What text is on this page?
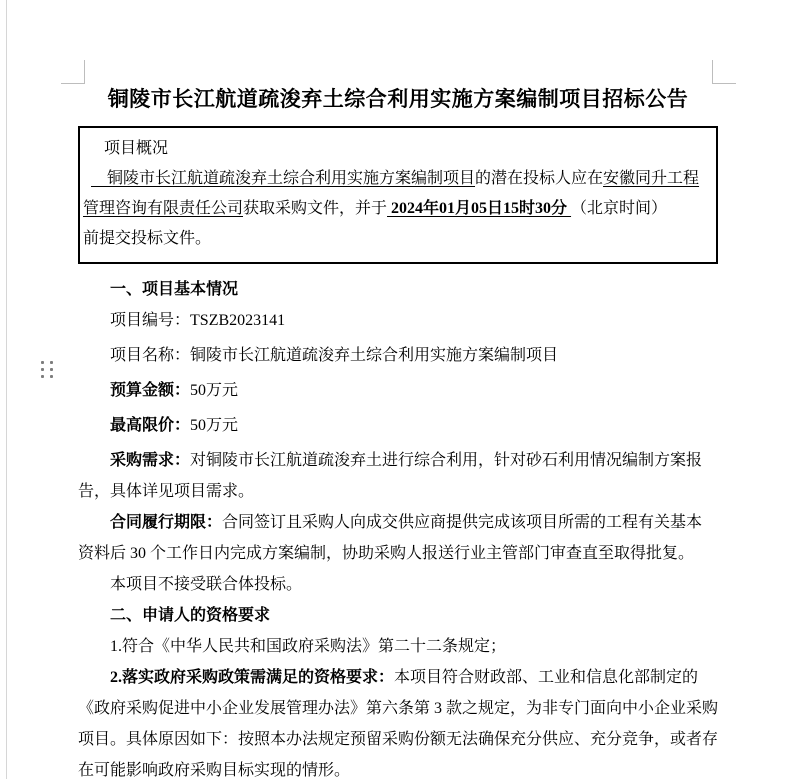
铜陵市长江航道疏浚弃土综合利用实施方案编制项目招标公告

项目概况

　铜陵市长江航道疏浚弃土综合利用实施方案编制项目的潜在投标人应在安徽同升工程管理咨询有限责任公司获取采购文件，并于 2024年01月05日15时30分 （北京时间）

前提交投标文件。

一、项目基本情况

项目编号：TSZB2023141

项目名称：铜陵市长江航道疏浚弃土综合利用实施方案编制项目

预算金额：50万元

最高限价：50万元

采购需求：对铜陵市长江航道疏浚弃土进行综合利用，针对砂石利用情况编制方案报告，具体详见项目需求。

合同履行期限：合同签订且采购人向成交供应商提供完成该项目所需的工程有关基本资料后 30 个工作日内完成方案编制，协助采购人报送行业主管部门审查直至取得批复。

本项目不接受联合体投标。

二、申请人的资格要求

1.符合《中华人民共和国政府采购法》第二十二条规定；

2.落实政府采购政策需满足的资格要求：本项目符合财政部、工业和信息化部制定的《政府采购促进中小企业发展管理办法》第六条第 3 款之规定，为非专门面向中小企业采购项目。具体原因如下：按照本办法规定预留采购份额无法确保充分供应、充分竞争，或者存在可能影响政府采购目标实现的情形。
